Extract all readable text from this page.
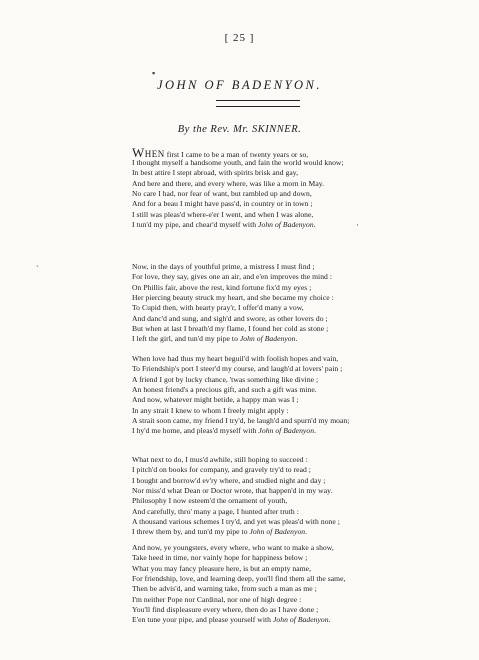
[ 25 ]
JOHN OF BADENYON.
By the Rev. Mr. SKINNER.
WHEN first I came to be a man of twenty years or so,
I thought myself a handsome youth, and fain the world would know;
In best attire I stept abroad, with spirits brisk and gay,
And here and there, and every where, was like a morn in May.
No care I had, nor fear of want, but rambled up and down,
And for a beau I might have pass'd, in country or in town ;
I still was pleas'd where-e'er I went, and when I was alone,
I tun'd my pipe, and chear'd myself with John of Badenyon.
Now, in the days of youthful prime, a mistress I must find ;
For love, they say, gives one an air, and e'en improves the mind :
On Phillis fair, above the rest, kind fortune fix'd my eyes ;
Her piercing beauty struck my heart, and she became my choice :
To Cupid then, with hearty pray'r, I offer'd many a vow,
And danc'd and sung, and sigh'd and swore, as other lovers do ;
But when at last I breath'd my flame, I found her cold as stone ;
I left the girl, and tun'd my pipe to John of Badenyon.
When love had thus my heart beguil'd with foolish hopes and vain,
To Friendship's port I steer'd my course, and laugh'd at lovers' pain ;
A friend I got by lucky chance, 'twas something like divine ;
An honest friend's a precious gift, and such a gift was mine.
And now, whatever might betide, a happy man was I ;
In any strait I knew to whom I freely might apply :
A strait soon came, my friend I try'd, he laugh'd and spurn'd my moan;
I hy'd me home, and pleas'd myself with John of Badenyon.
What next to do, I mus'd awhile, still hoping to succeed :
I pitch'd on books for company, and gravely try'd to read ;
I bought and borrow'd ev'ry where, and studied night and day ;
Nor miss'd what Dean or Doctor wrote, that happen'd in my way.
Philosophy I now esteem'd the ornament of youth,
And carefully, thro' many a page, I hunted after truth :
A thousand various schemes I try'd, and yet was pleas'd with none ;
I threw them by, and tun'd my pipe to John of Badenyon.
And now, ye youngsters, every where, who want to make a show,
Take heed in time, nor vainly hope for happiness below ;
What you may fancy pleasure here, is but an empty name,
For friendship, love, and learning deep, you'll find them all the same,
Then be advis'd, and warning take, from such a man as me ;
I'm neither Pope nor Cardinal, nor one of high degree :
You'll find displeasure every where, then do as I have done ;
E'en tune your pipe, and please yourself with John of Badenyon.
▪
ˋ
·
